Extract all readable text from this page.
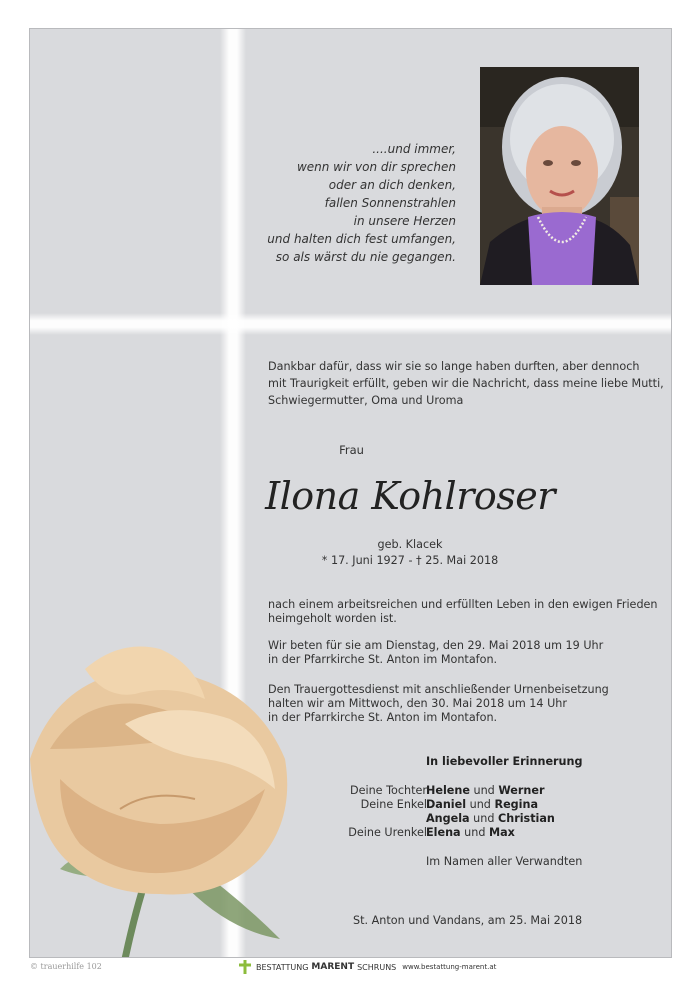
....und immer,
wenn wir von dir sprechen
oder an dich denken,
fallen Sonnenstrahlen
in unsere Herzen
und halten dich fest umfangen,
so als wärst du nie gegangen.
Dankbar dafür, dass wir sie so lange haben durften, aber dennoch
mit Traurigkeit erfüllt, geben wir die Nachricht, dass meine liebe Mutti,
Schwiegermutter, Oma und Uroma
Frau
Ilona Kohlroser
geb. Klacek
* 17. Juni 1927 - † 25. Mai 2018
nach einem arbeitsreichen und erfüllten Leben in den ewigen Frieden
heimgeholt worden ist.
Wir beten für sie am Dienstag, den 29. Mai 2018 um 19 Uhr
in der Pfarrkirche St. Anton im Montafon.
Den Trauergottesdienst mit anschließender Urnenbeisetzung
halten wir am Mittwoch, den 30. Mai 2018 um 14 Uhr
in der Pfarrkirche St. Anton im Montafon.
In liebevoller Erinnerung
Deine Tochter Helene und Werner
Deine Enkel Daniel und Regina
Angela und Christian
Deine Urenkel Elena und Max
Im Namen aller Verwandten
St. Anton und Vandans, am 25. Mai 2018
© trauerhilfe 102	BESTATTUNG MARENT SCHRUNS www.bestattung-marent.at
